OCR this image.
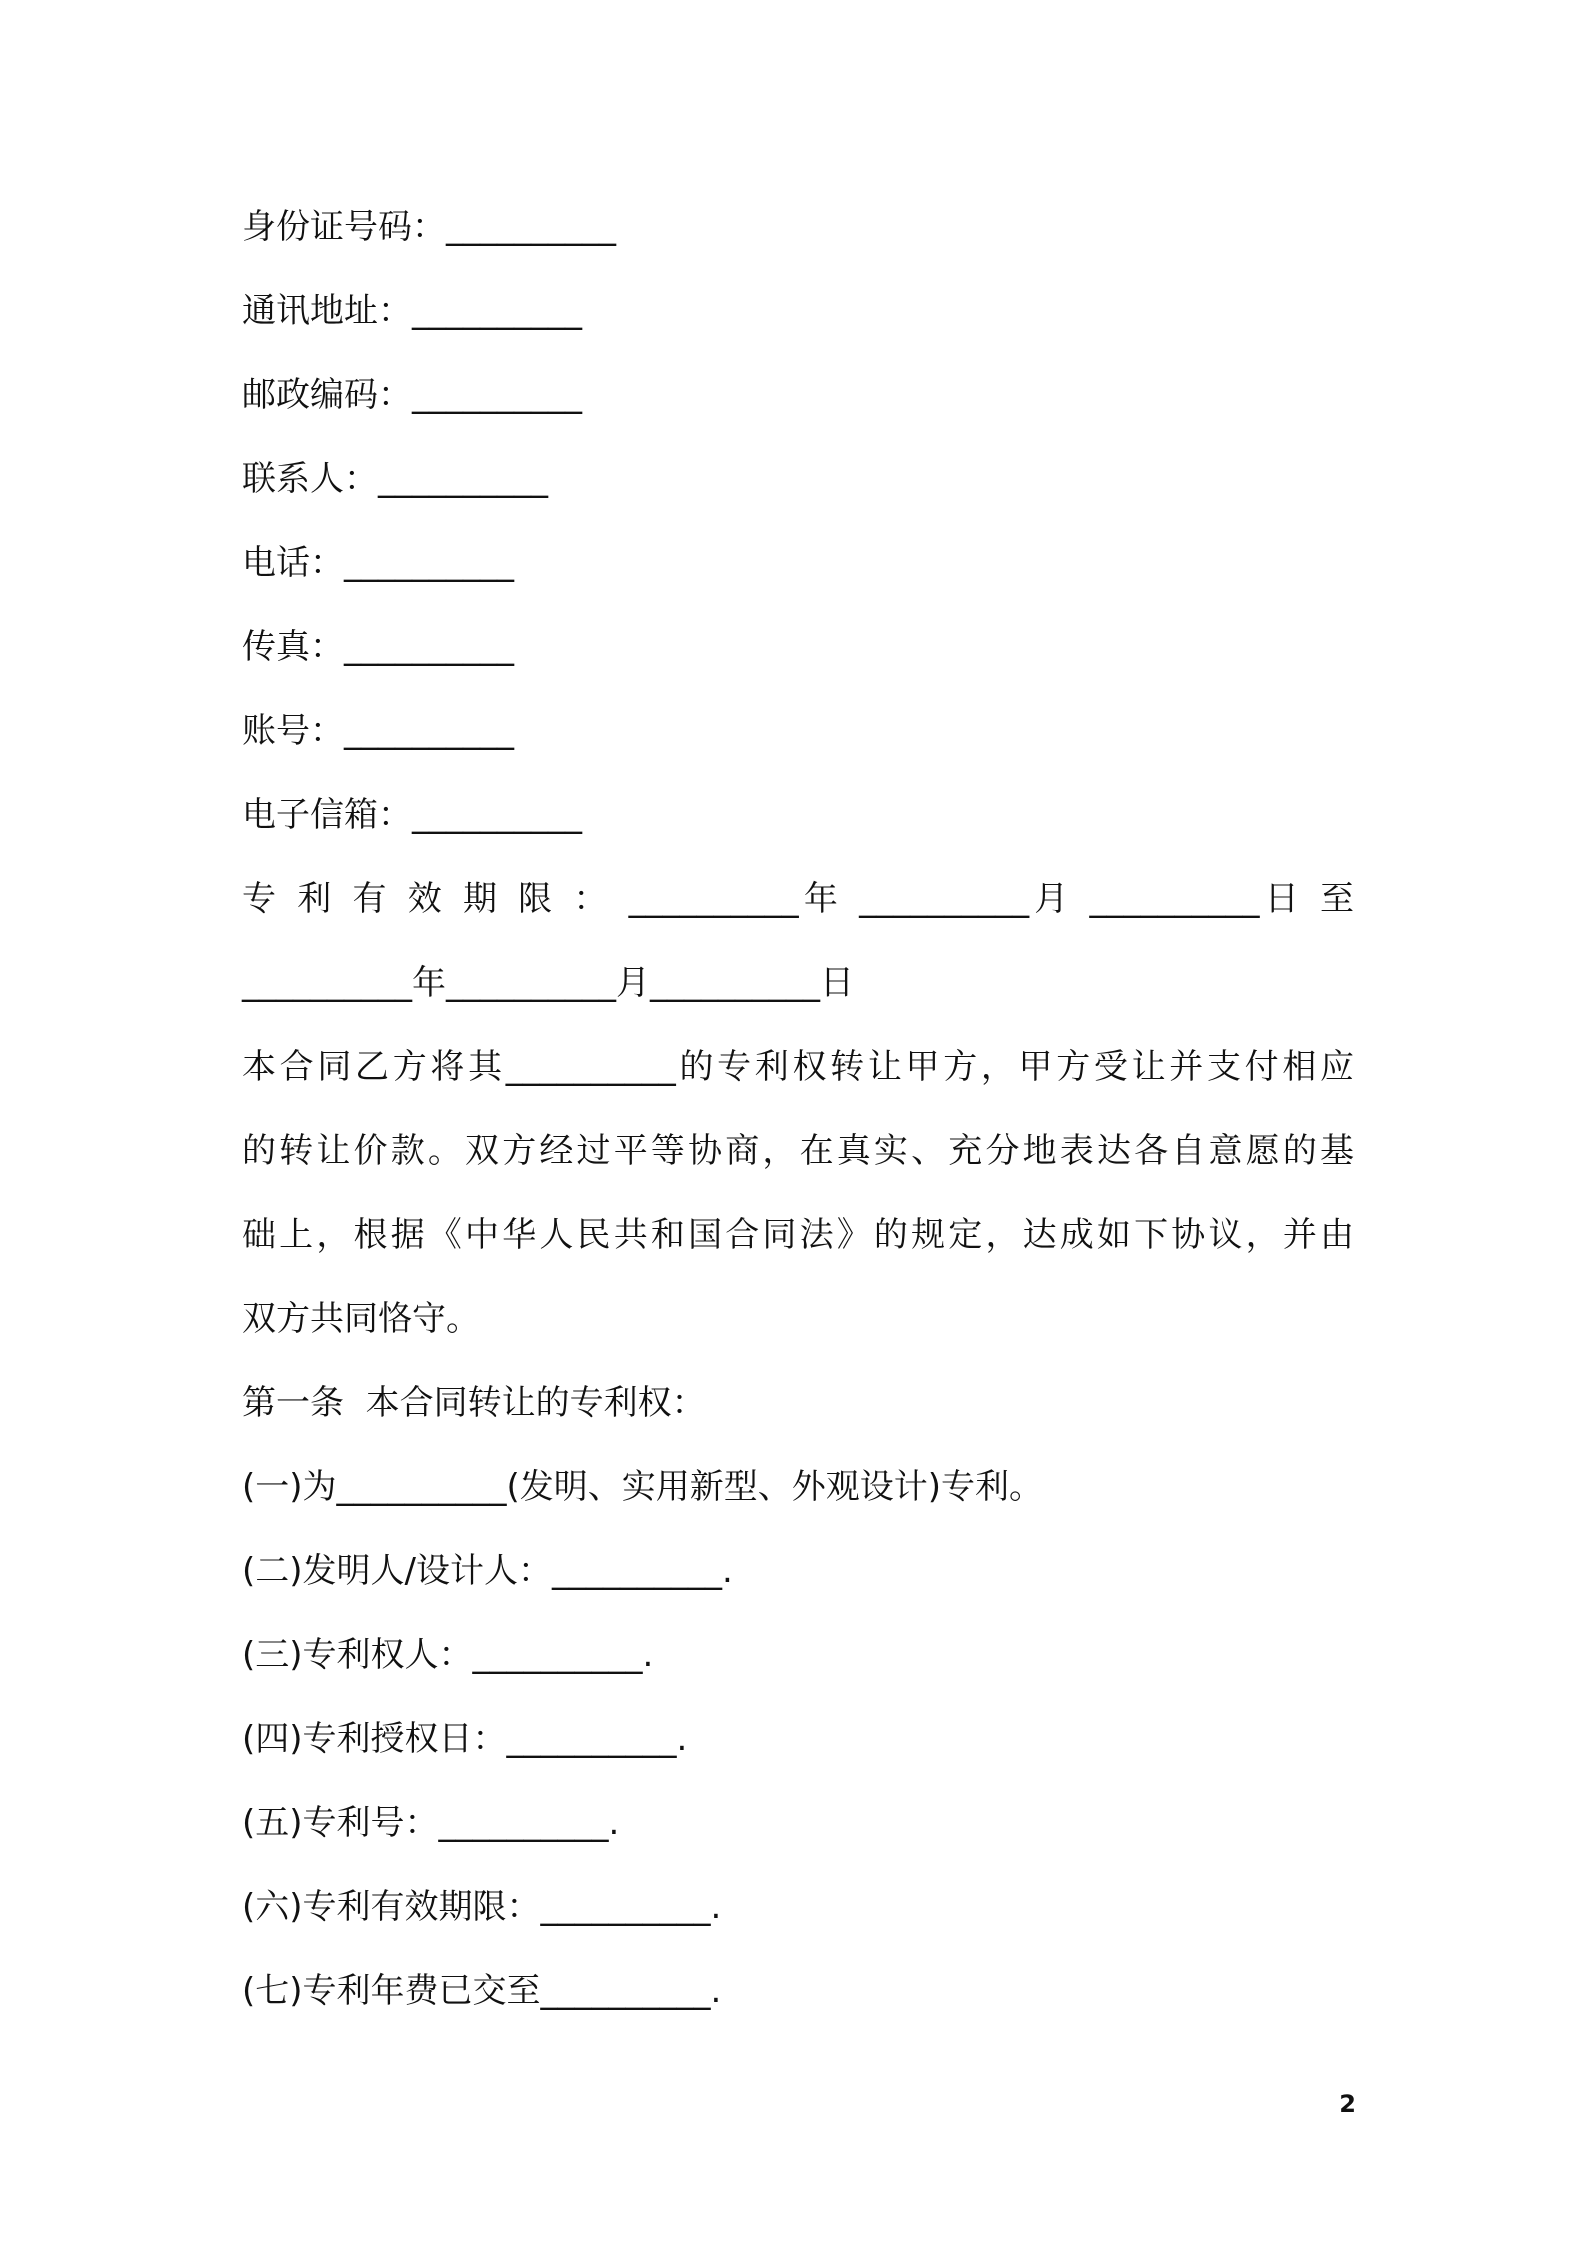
身份证号码：__________
通讯地址：__________
邮政编码：__________
联系人：__________
电话：__________
传真：__________
账号：__________
电子信箱：__________
专 利 有 效 期 限 ： __________年 __________月 __________日 至
__________年__________月__________日
本合同乙方将其__________的专利权转让甲方，甲方受让并支付相应
的转让价款。双方经过平等协商，在真实、充分地表达各自意愿的基
础上，根据《中华人民共和国合同法》的规定，达成如下协议，并由
双方共同恪守。
第一条  本合同转让的专利权：
(一)为__________(发明、实用新型、外观设计)专利。
(二)发明人/设计人：__________.
(三)专利权人：__________.
(四)专利授权日：__________.
(五)专利号：__________.
(六)专利有效期限：__________.
(七)专利年费已交至__________.
2
